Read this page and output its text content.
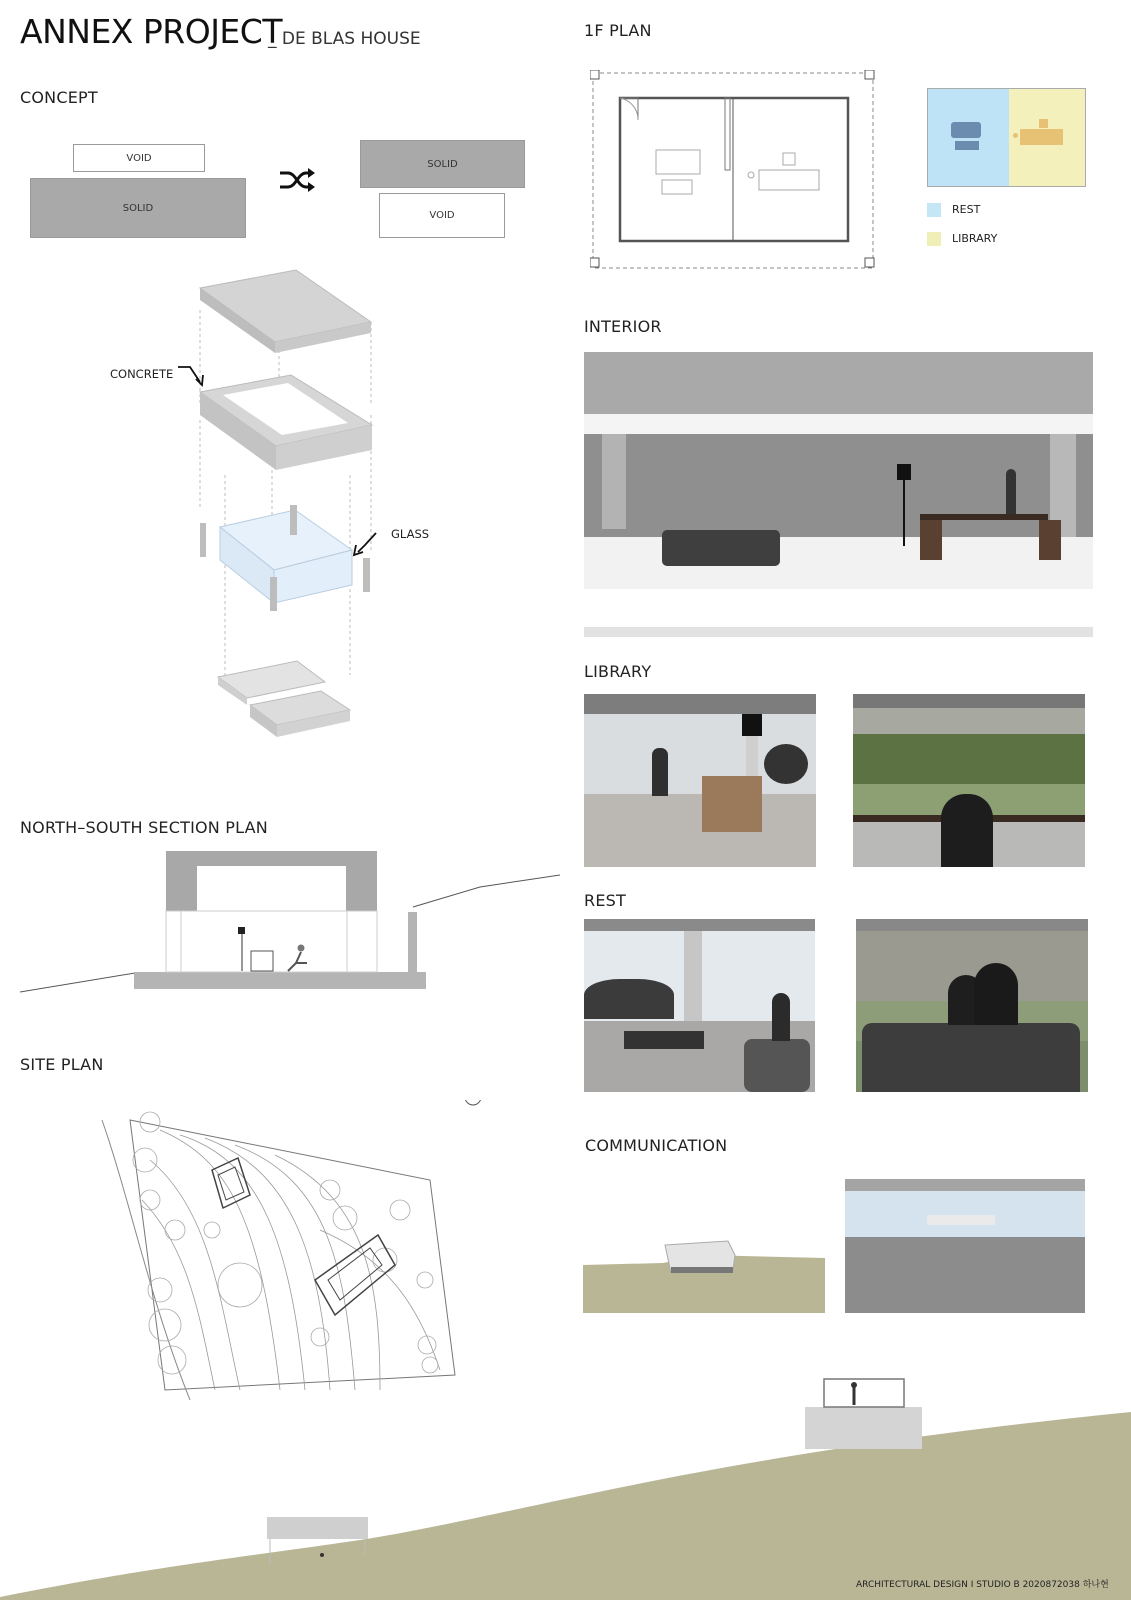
ANNEX PROJECT
_ DE BLAS HOUSE
CONCEPT
VOID
SOLID
SOLID
VOID
CONCRETE
GLASS
NORTH–SOUTH SECTION PLAN
SITE PLAN
1F PLAN
REST
LIBRARY
INTERIOR
LIBRARY
REST
COMMUNICATION
ARCHITECTURAL DESIGN I STUDIO B 2020872038 하나현
